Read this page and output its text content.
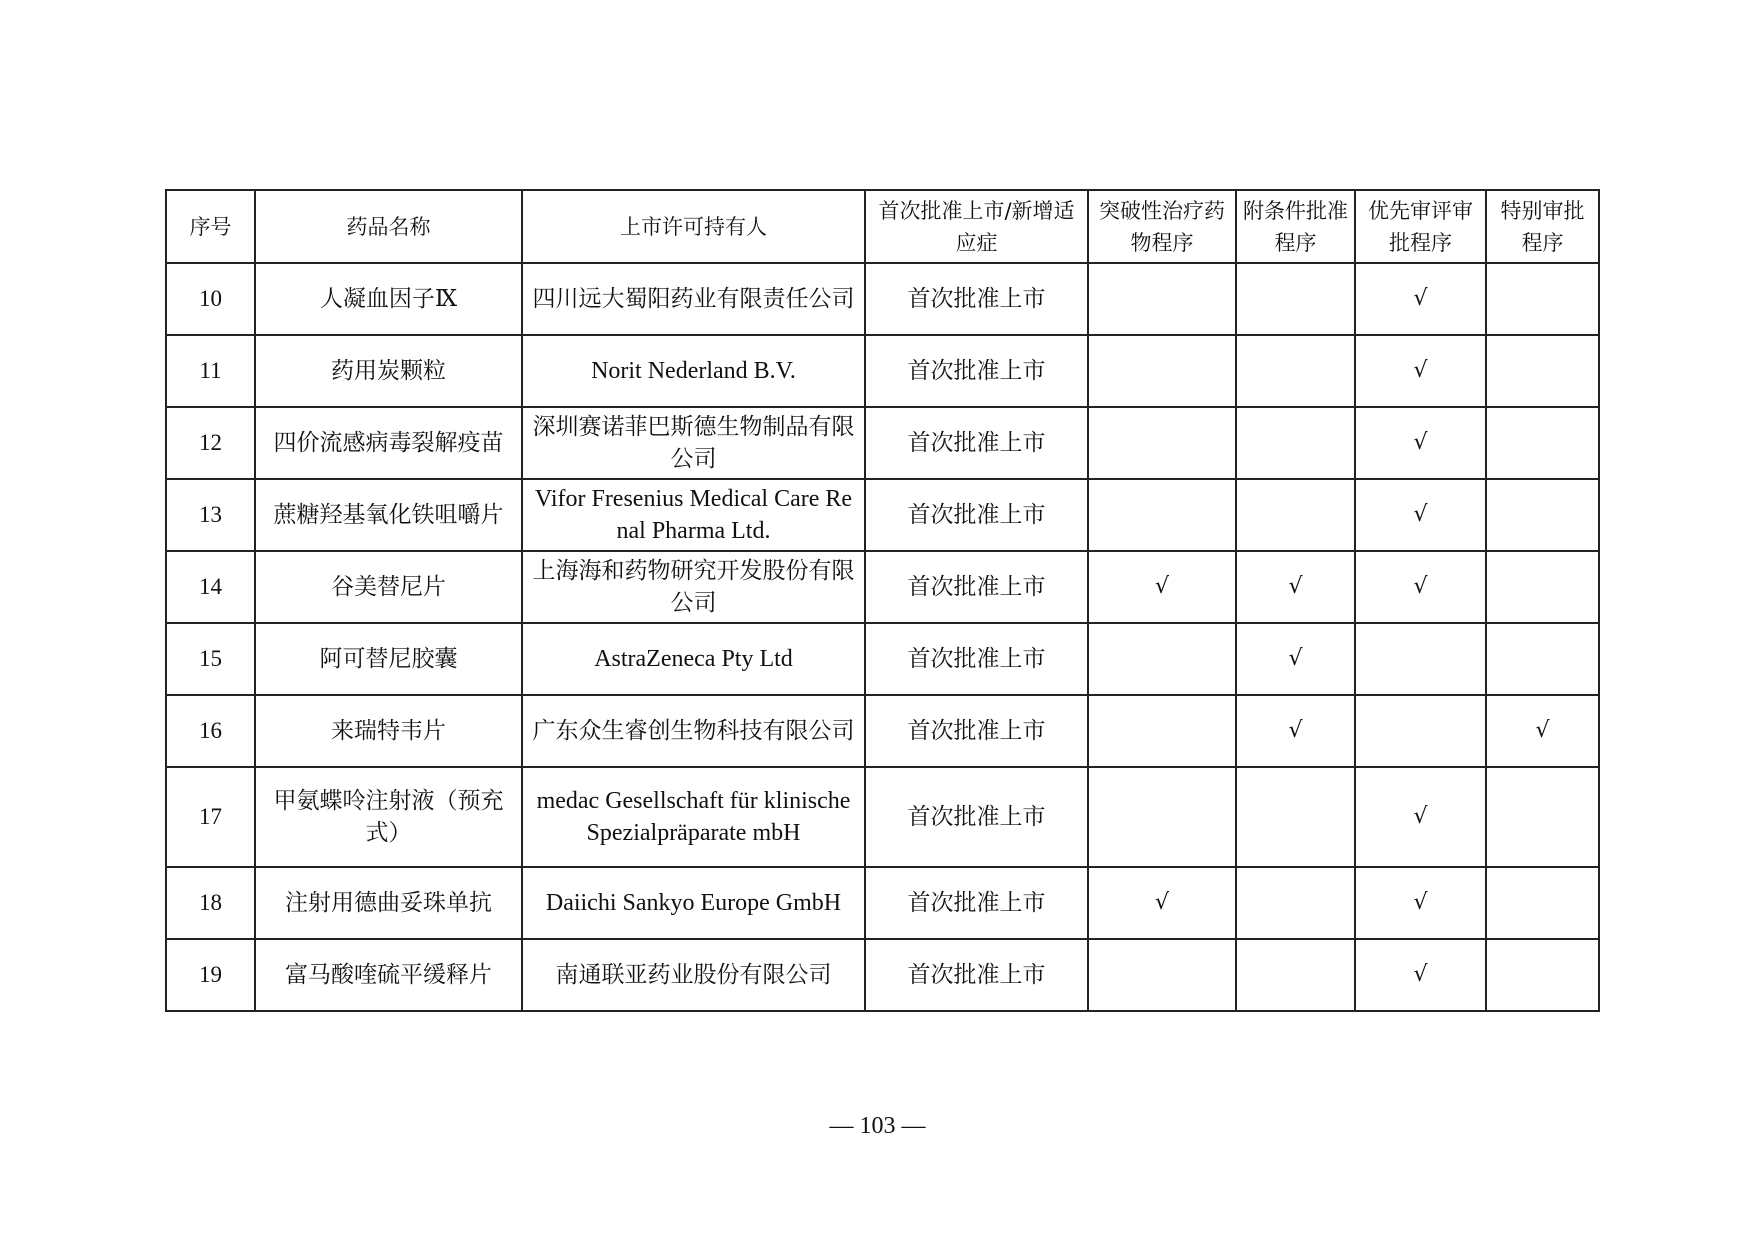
序号	药品名称	上市许可持有人	首次批准上市/新增适应症	突破性治疗药物程序	附条件批准程序	优先审评审批程序	特别审批程序
10	人凝血因子Ⅸ	四川远大蜀阳药业有限责任公司	首次批准上市			√	
11	药用炭颗粒	Norit Nederland B.V.	首次批准上市			√	
12	四价流感病毒裂解疫苗	深圳赛诺菲巴斯德生物制品有限公司	首次批准上市			√	
13	蔗糖羟基氧化铁咀嚼片	Vifor Fresenius Medical Care Renal Pharma Ltd.	首次批准上市			√	
14	谷美替尼片	上海海和药物研究开发股份有限公司	首次批准上市	√	√	√	
15	阿可替尼胶囊	AstraZeneca Pty Ltd	首次批准上市		√		
16	来瑞特韦片	广东众生睿创生物科技有限公司	首次批准上市		√		√
17	甲氨蝶呤注射液（预充式）	medac Gesellschaft für klinische Spezialpräparate mbH	首次批准上市			√	
18	注射用德曲妥珠单抗	Daiichi Sankyo Europe GmbH	首次批准上市	√		√	
19	富马酸喹硫平缓释片	南通联亚药业股份有限公司	首次批准上市			√	
— 103 —
